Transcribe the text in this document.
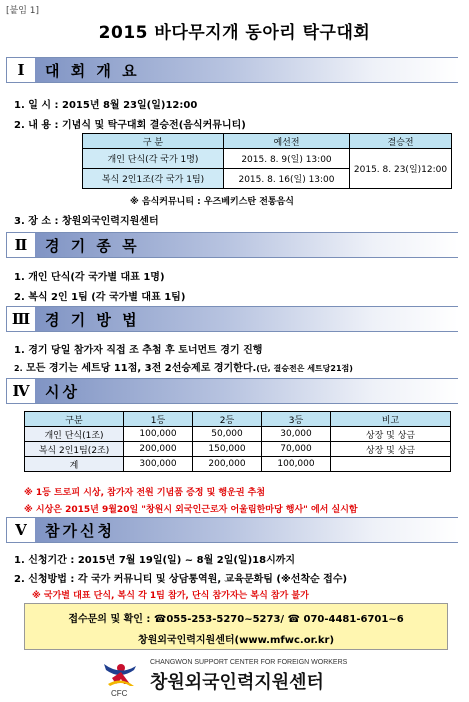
[붙임 1]
2015 바다무지개 동아리 탁구대회
Ⅰ	대 회 개 요
1. 일 시 : 2015년 8월 23일(일)12:00
2. 내 용 : 기념식 및 탁구대회 결승전(음식커뮤니티)
구 분	예선전	결승전
개인 단식(각 국가 1명)	2015. 8. 9(일) 13:00	2015. 8. 23(일)12:00
복식 2인1조(각 국가 1팀)	2015. 8. 16(일) 13:00	
※ 음식커뮤니티 : 우즈베키스탄 전통음식
3. 장 소 : 창원외국인력지원센터
Ⅱ	경 기 종 목
1. 개인 단식(각 국가별 대표 1명)
2. 복식 2인 1팀 (각 국가별 대표 1팀)
Ⅲ 경 기 방 법
1. 경기 당일 참가자 직접 조 추첨 후 토너먼트 경기 진행
2. 모든 경기는 세트당 11점, 3전 2선승제로 경기한다.(단, 결승전은 세트당21점)
Ⅳ	시상
구분	1등	2등	3등	비고
개인 단식(1조)	100,000	50,000	30,000	상장 및 상금
복식 2인1팀(2조)	200,000	150,000	70,000	상장 및 상금
계	300,000	200,000	100,000	
※ 1등 트로피 시상, 참가자 전원 기념품 증정 및 행운권 추첨
※ 시상은 2015년 9월20일 "창원시 외국인근로자 어울림한마당 행사" 에서 실시함
Ⅴ	참가신청
1. 신청기간 : 2015년 7월 19일(일) ~ 8월 2일(일)18시까지
2. 신청방법 : 각 국가 커뮤니티 및 상담통역원, 교육문화팀 (※선착순 접수)
※ 국가별 대표 단식, 복식 각 1팀 참가, 단식 참가자는 복식 참가 불가
접수문의 및 확인 : ☎055-253-5270~5273/ ☎ 070-4481-6701~6
창원외국인력지원센터(www.mfwc.or.kr)
CFC
CHANGWON SUPPORT CENTER FOR FOREIGN WORKERS
창원외국인력지원센터
